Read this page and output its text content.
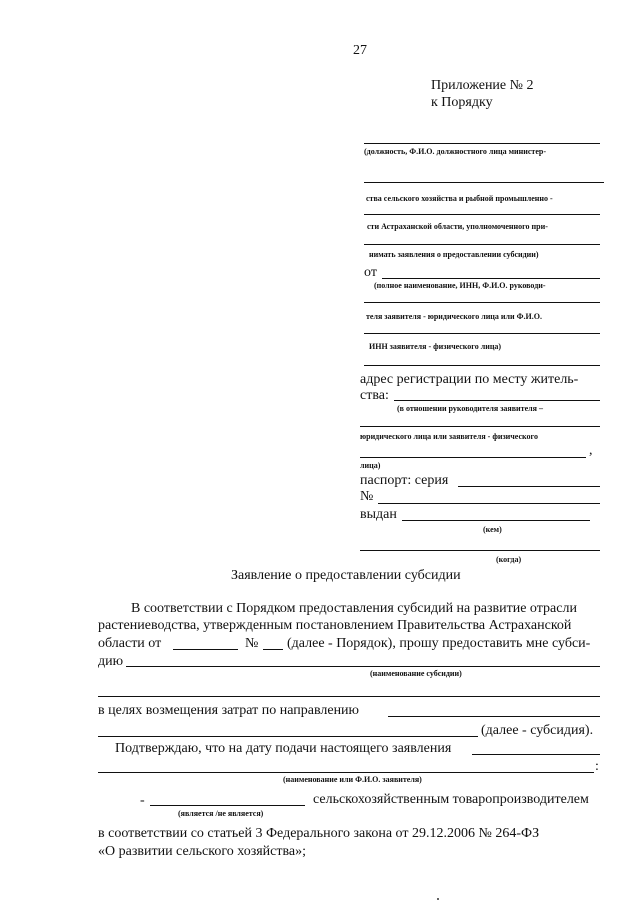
27
Приложение № 2
к Порядку
(должность, Ф.И.О. должностного лица министер-
ства сельского хозяйства и рыбной промышленно -
сти Астраханской области, уполномоченного при-
нимать заявления о предоставлении субсидии)
от
(полное наименование, ИНН, Ф.И.О. руководи-
теля заявителя - юридического лица или Ф.И.О.
ИНН заявителя - физического лица)
адрес регистрации по месту житель-
ства:
(в отношении руководителя заявителя –
юридического лица или заявителя - физического
,
лица)
паспорт: серия
№
выдан
(кем)
(когда)
Заявление о предоставлении субсидии
В соответствии с Порядком предоставления субсидий на развитие отрасли
растениеводства, утвержденным постановлением Правительства Астраханской
области от	№ (далее - Порядок), прошу предоставить мне субси-
дию
(наименование субсидии)
в целях возмещения затрат по направлению
(далее - субсидия).
Подтверждаю, что на дату подачи настоящего заявления
:
(наименование или Ф.И.О. заявителя)
-	сельскохозяйственным товаропроизводителем
(является /не является)
в соответствии со статьей 3 Федерального закона от 29.12.2006 № 264-ФЗ
«О развитии сельского хозяйства»;
